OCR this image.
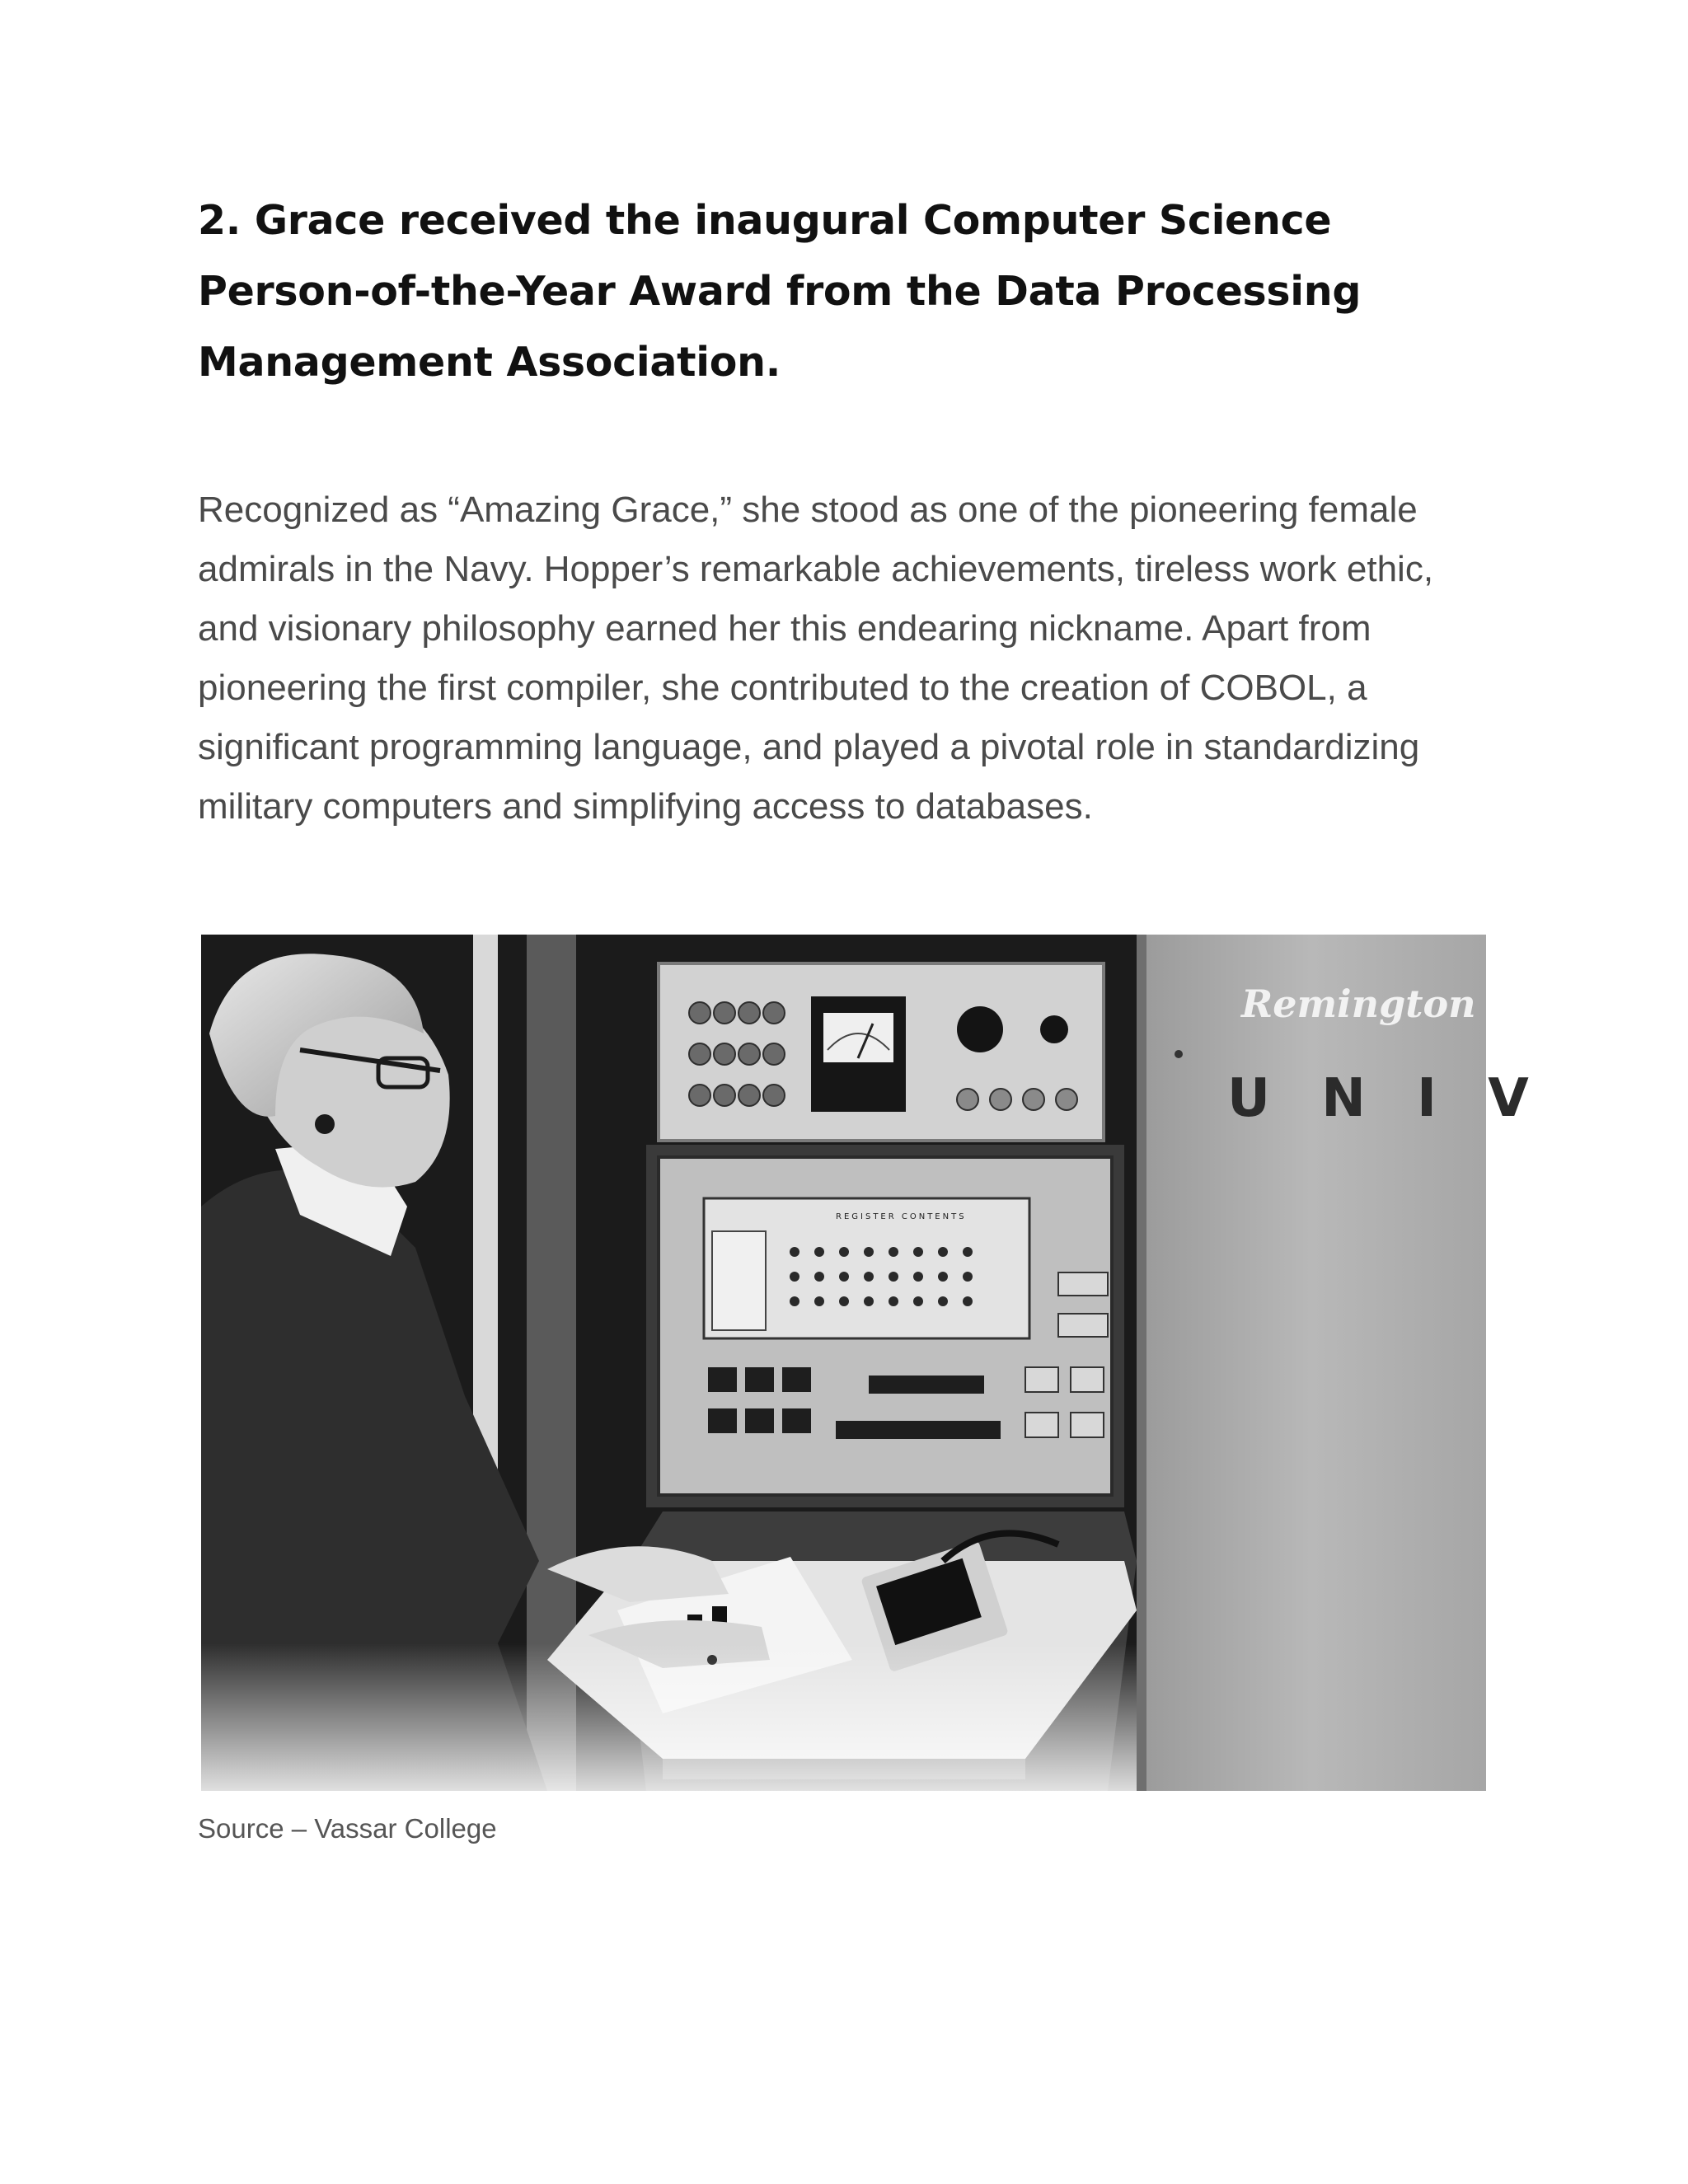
2. Grace received the inaugural Computer Science Person-of-the-Year Award from the Data Processing Management Association.

Recognized as “Amazing Grace,” she stood as one of the pioneering female admirals in the Navy. Hopper’s remarkable achievements, tireless work ethic, and visionary philosophy earned her this endearing nickname. Apart from pioneering the first compiler, she contributed to the creation of COBOL, a significant programming language, and played a pivotal role in standardizing military computers and simplifying access to databases.

Remington
U N I V
REGISTER CONTENTS

Source – Vassar College
